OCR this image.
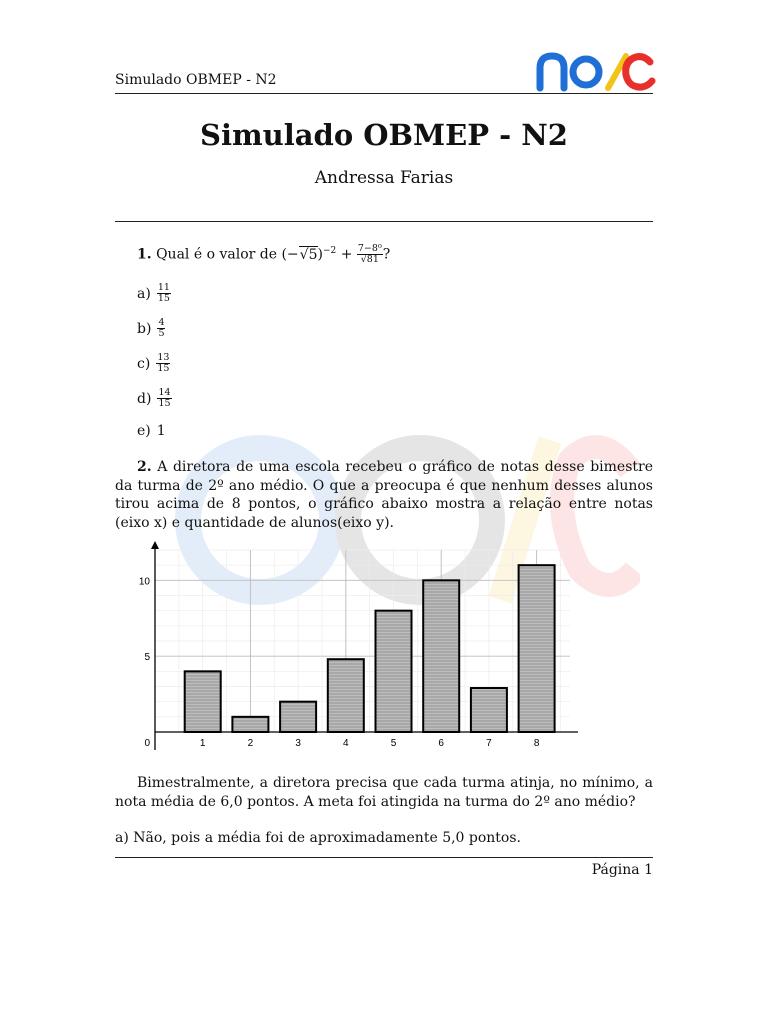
Simulado OBMEP - N2
Simulado OBMEP - N2
Andressa Farias
1. Qual é o valor de $(-√5)^{-2} + \frac{\text{7−8⁰}}{√81}$ ?
$a) \frac{11}{15}$
$b) \frac{4}{5}$
$c) \frac{13}{15}$
$d) \frac{14}{15}$
e) 1
2. A diretora de uma escola recebeu o gráfico de notas desse bimestre da turma de 2º ano médio. O que a preocupa é que nenhum desses alunos tirou acima de 8 pontos, o gráfico abaixo mostra a relação entre notas (eixo x) e quantidade de alunos(eixo y).
1	2	3	4	5	6	7	8
0
5
10
Bimestralmente, a diretora precisa que cada turma atinja, no mínimo, a nota média de 6,0 pontos. A meta foi atingida na turma do 2º ano médio?
a) Não, pois a média foi de aproximadamente 5,0 pontos.
Página 1
